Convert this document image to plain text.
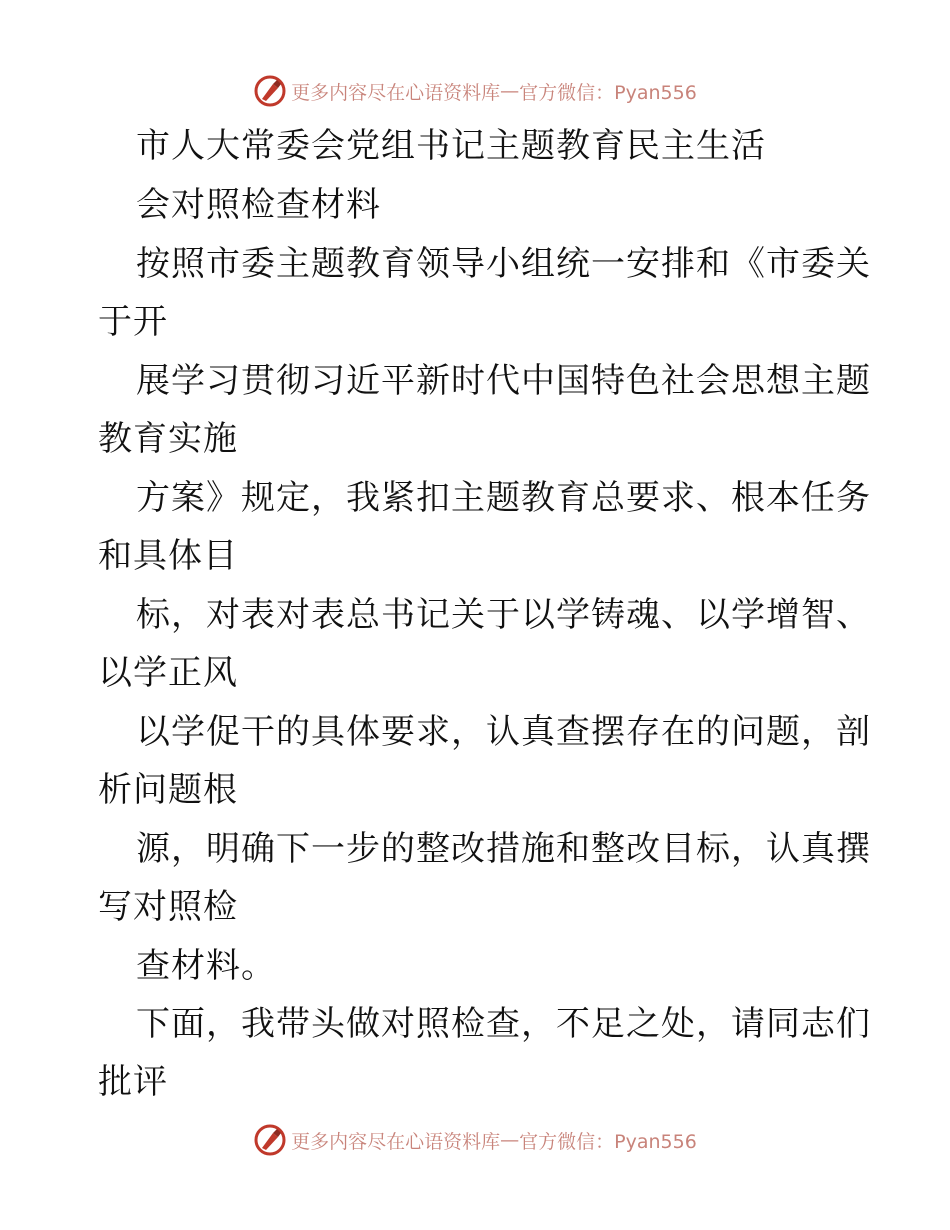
更多内容尽在心语资料库 — 官方微信：Pyan556
市人大常委会党组书记主题教育民主生活
会对照检查材料
按照市委主题教育领导小组统一安排和《市委关
于开
展学习贯彻习近平新时代中国特色社会思想主题
教育实施
方案》规定，我紧扣主题教育总要求、根本任务
和具体目
标，对表对表总书记关于以学铸魂、以学增智、
以学正风
以学促干的具体要求，认真查摆存在的问题，剖
析问题根
源，明确下一步的整改措施和整改目标，认真撰
写对照检
查材料。
下面，我带头做对照检查，不足之处，请同志们
批评
更多内容尽在心语资料库 — 官方微信：Pyan556
